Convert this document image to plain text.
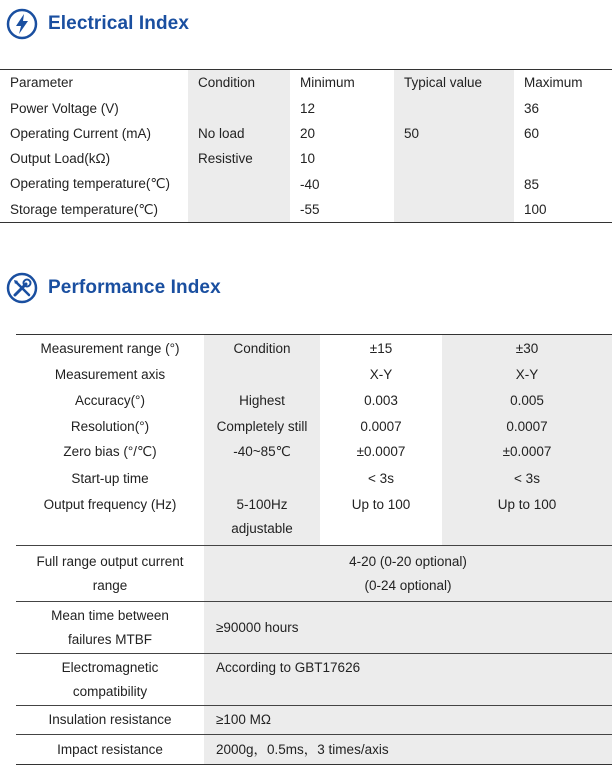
Electrical Index
Parameter	Condition	Minimum	Typical value	Maximum
Power Voltage (V)		12		36
Operating Current (mA)	No load	20	50	60
Output Load(kΩ)	Resistive	10		
Operating temperature(℃)		-40		85
Storage temperature(℃)		-55		100
Performance Index
Measurement range (°)	Condition	±15	±30
Measurement axis		X-Y	X-Y
Accuracy(°)	Highest	0.003	0.005
Resolution(°)	Completely still	0.0007	0.0007
Zero bias (°/℃)	-40~85℃	±0.0007	±0.0007
Start-up time		< 3s	< 3s
Output frequency (Hz)	5-100Hz adjustable	Up to 100	Up to 100
Full range output current range	4-20 (0-20 optional)
(0-24 optional)		

Mean time between failures MTBF	≥90000 hours		
Electromagnetic compatibility	According to GBT17626		
Insulation resistance	≥100 MΩ		
Impact resistance	2000g，0.5ms，3 times/axis		
